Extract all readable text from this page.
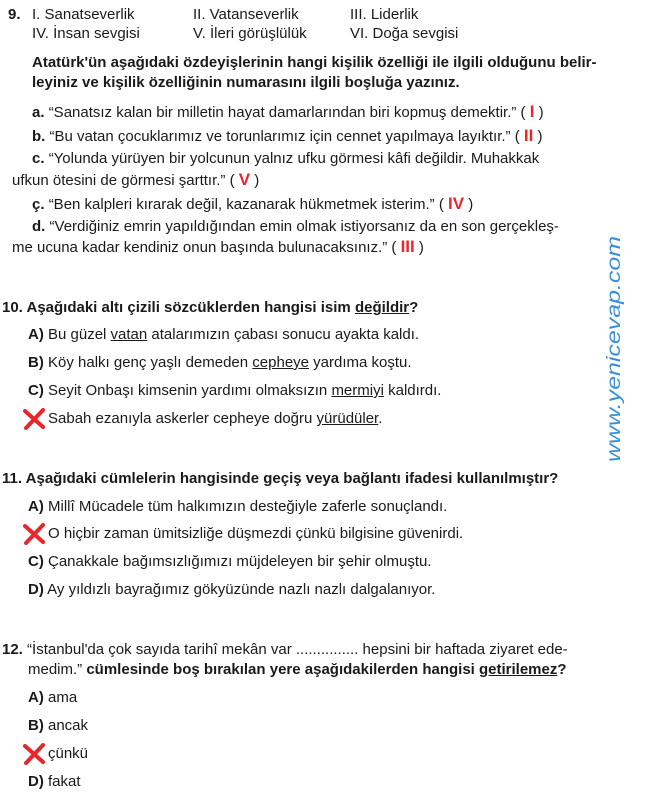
9. I. Sanatseverlik	II. Vatanseverlik	III. Liderlik
IV. İnsan sevgisi	V. İleri görüşlülük	VI. Doğa sevgisi
Atatürk'ün aşağıdaki özdeyişlerinin hangi kişilik özelliği ile ilgili olduğunu belir-
leyiniz ve kişilik özelliğinin numarasını ilgili boşluğa yazınız.
a. “Sanatsız kalan bir milletin hayat damarlarından biri kopmuş demektir.” ( I )
b. “Bu vatan çocuklarımız ve torunlarımız için cennet yapılmaya layıktır.” ( II )
c. “Yolunda yürüyen bir yolcunun yalnız ufku görmesi kâfi değildir. Muhakkak
ufkun ötesini de görmesi şarttır.” ( V )
ç. “Ben kalpleri kırarak değil, kazanarak hükmetmek isterim.” ( IV )
d. “Verdiğiniz emrin yapıldığından emin olmak istiyorsanız da en son gerçekleş-
me ucuna kadar kendiniz onun başında bulunacaksınız.” ( III )
10. Aşağıdaki altı çizili sözcüklerden hangisi isim değildir?
A) Bu güzel vatan atalarımızın çabası sonucu ayakta kaldı.
B) Köy halkı genç yaşlı demeden cepheye yardıma koştu.
C) Seyit Onbaşı kimsenin yardımı olmaksızın mermiyi kaldırdı.
Sabah ezanıyla askerler cepheye doğru yürüdüler.
11. Aşağıdaki cümlelerin hangisinde geçiş veya bağlantı ifadesi kullanılmıştır?
A) Millî Mücadele tüm halkımızın desteğiyle zaferle sonuçlandı.
O hiçbir zaman ümitsizliğe düşmezdi çünkü bilgisine güvenirdi.
C) Çanakkale bağımsızlığımızı müjdeleyen bir şehir olmuştu.
D) Ay yıldızlı bayrağımız gökyüzünde nazlı nazlı dalgalanıyor.
12. “İstanbul'da çok sayıda tarihî mekân var ............... hepsini bir haftada ziyaret ede-
medim.” cümlesinde boş bırakılan yere aşağıdakilerden hangisi getirilemez?
A) ama
B) ancak
çünkü
D) fakat
www.yenicevap.com
